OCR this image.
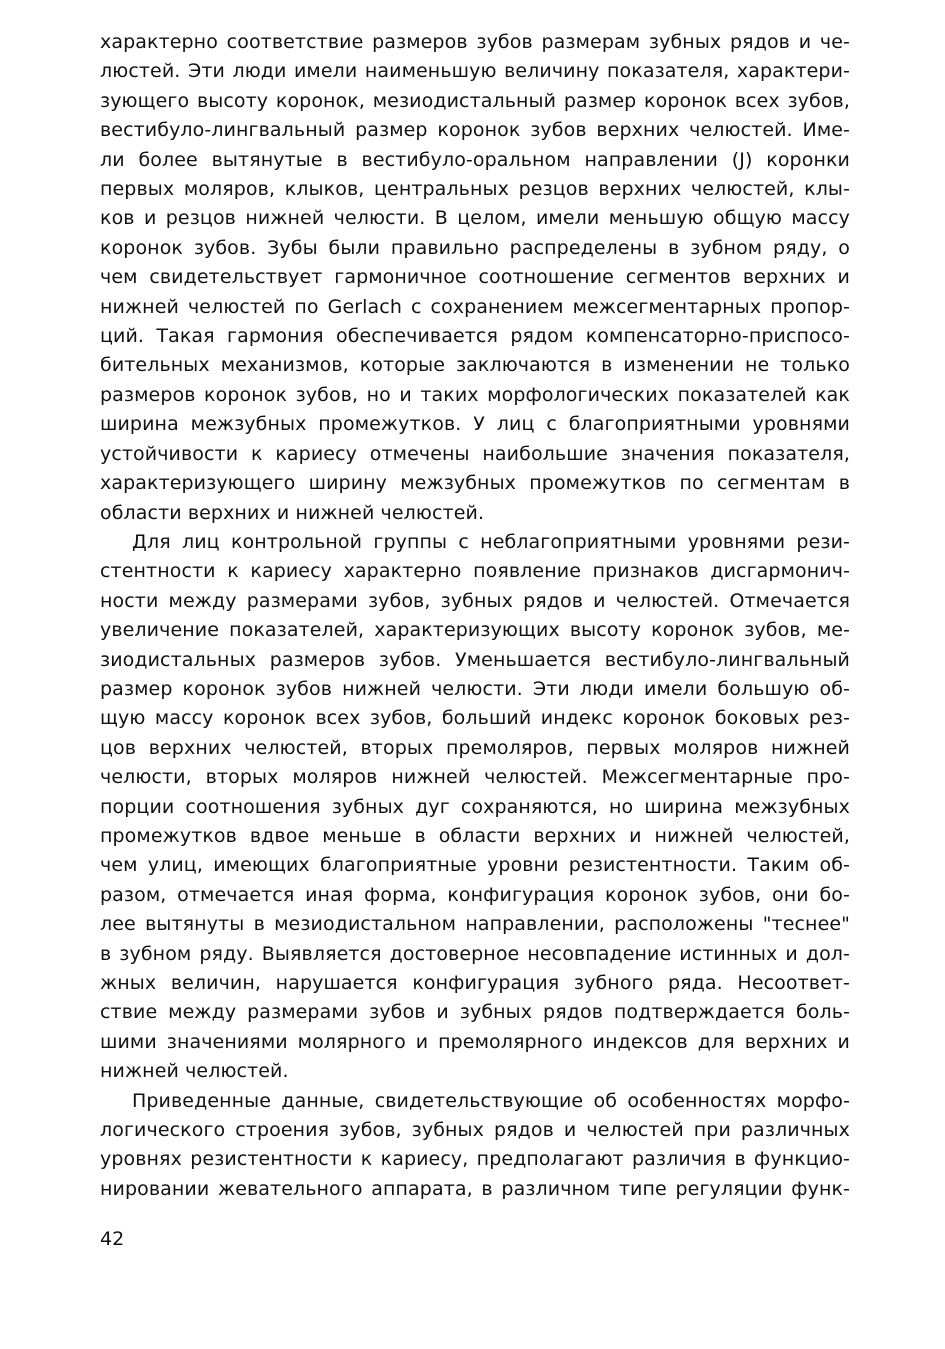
характерно соответствие размеров зубов размерам зубных рядов и че-
люстей. Эти люди имели наименьшую величину показателя, характери-
зующего высоту коронок, мезиодистальный размер коронок всех зубов,
вестибуло-лингвальный размер коронок зубов верхних челюстей. Име-
ли более вытянутые в вестибуло-оральном направлении (J) коронки
первых моляров, клыков, центральных резцов верхних челюстей, клы-
ков и резцов нижней челюсти. В целом, имели меньшую общую массу
коронок зубов. Зубы были правильно распределены в зубном ряду, о
чем свидетельствует гармоничное соотношение сегментов верхних и
нижней челюстей по Gerlach с сохранением межсегментарных пропор-
ций. Такая гармония обеспечивается рядом компенсаторно-приспосо-
бительных механизмов, которые заключаются в изменении не только
размеров коронок зубов, но и таких морфологических показателей как
ширина межзубных промежутков. У лиц с благоприятными уровнями
устойчивости к кариесу отмечены наибольшие значения показателя,
характеризующего ширину межзубных промежутков по сегментам в
области верхних и нижней челюстей.
Для лиц контрольной группы с неблагоприятными уровнями рези-
стентности к кариесу характерно появление признаков дисгармонич-
ности между размерами зубов, зубных рядов и челюстей. Отмечается
увеличение показателей, характеризующих высоту коронок зубов, ме-
зиодистальных размеров зубов. Уменьшается вестибуло-лингвальный
размер коронок зубов нижней челюсти. Эти люди имели большую об-
щую массу коронок всех зубов, больший индекс коронок боковых рез-
цов верхних челюстей, вторых премоляров, первых моляров нижней
челюсти, вторых моляров нижней челюстей. Межсегментарные про-
порции соотношения зубных дуг сохраняются, но ширина межзубных
промежутков вдвое меньше в области верхних и нижней челюстей,
чем улиц, имеющих благоприятные уровни резистентности. Таким об-
разом, отмечается иная форма, конфигурация коронок зубов, они бо-
лее вытянуты в мезиодистальном направлении, расположены "теснее"
в зубном ряду. Выявляется достоверное несовпадение истинных и дол-
жных величин, нарушается конфигурация зубного ряда. Несоответ-
ствие между размерами зубов и зубных рядов подтверждается боль-
шими значениями молярного и премолярного индексов для верхних и
нижней челюстей.
Приведенные данные, свидетельствующие об особенностях морфо-
логического строения зубов, зубных рядов и челюстей при различных
уровнях резистентности к кариесу, предполагают различия в функцио-
нировании жевательного аппарата, в различном типе регуляции функ-
42
